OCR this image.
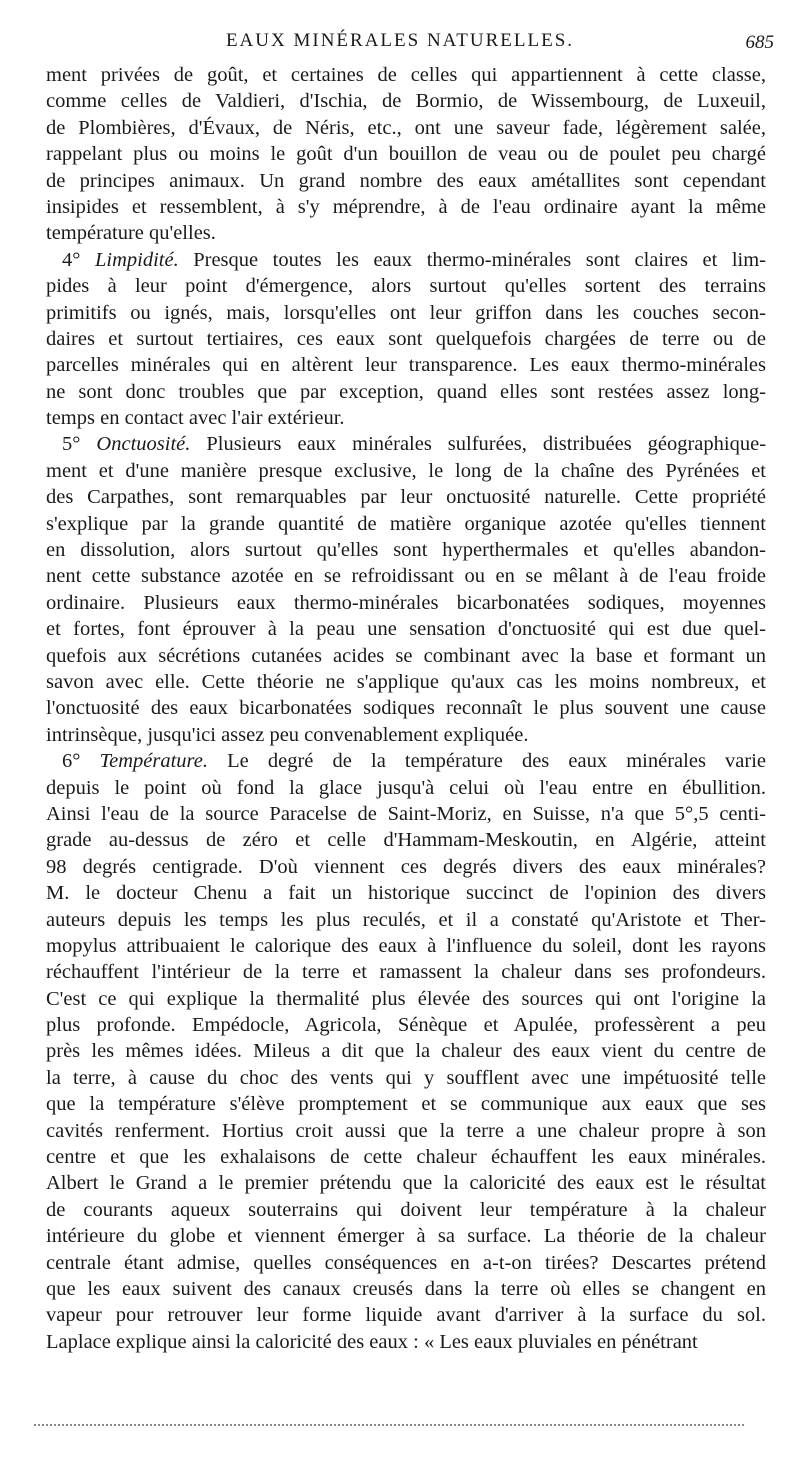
EAUX MINÉRALES NATURELLES.	685
ment privées de goût, et certaines de celles qui appartiennent à cette classe,
comme celles de Valdieri, d'Ischia, de Bormio, de Wissembourg, de Luxeuil,
de Plombières, d'Évaux, de Néris, etc., ont une saveur fade, légèrement salée,
rappelant plus ou moins le goût d'un bouillon de veau ou de poulet peu chargé
de principes animaux. Un grand nombre des eaux amétallites sont cependant
insipides et ressemblent, à s'y méprendre, à de l'eau ordinaire ayant la même
température qu'elles.
4° Limpidité. Presque toutes les eaux thermo-minérales sont claires et lim-
pides à leur point d'émergence, alors surtout qu'elles sortent des terrains
primitifs ou ignés, mais, lorsqu'elles ont leur griffon dans les couches secon-
daires et surtout tertiaires, ces eaux sont quelquefois chargées de terre ou de
parcelles minérales qui en altèrent leur transparence. Les eaux thermo-minérales
ne sont donc troubles que par exception, quand elles sont restées assez long-
temps en contact avec l'air extérieur.
5° Onctuosité. Plusieurs eaux minérales sulfurées, distribuées géographique-
ment et d'une manière presque exclusive, le long de la chaîne des Pyrénées et
des Carpathes, sont remarquables par leur onctuosité naturelle. Cette propriété
s'explique par la grande quantité de matière organique azotée qu'elles tiennent
en dissolution, alors surtout qu'elles sont hyperthermales et qu'elles abandon-
nent cette substance azotée en se refroidissant ou en se mêlant à de l'eau froide
ordinaire. Plusieurs eaux thermo-minérales bicarbonatées sodiques, moyennes
et fortes, font éprouver à la peau une sensation d'onctuosité qui est due quel-
quefois aux sécrétions cutanées acides se combinant avec la base et formant un
savon avec elle. Cette théorie ne s'applique qu'aux cas les moins nombreux, et
l'onctuosité des eaux bicarbonatées sodiques reconnaît le plus souvent une cause
intrinsèque, jusqu'ici assez peu convenablement expliquée.
6° Température. Le degré de la température des eaux minérales varie
depuis le point où fond la glace jusqu'à celui où l'eau entre en ébullition.
Ainsi l'eau de la source Paracelse de Saint-Moriz, en Suisse, n'a que 5°,5 centi-
grade au-dessus de zéro et celle d'Hammam-Meskoutin, en Algérie, atteint
98 degrés centigrade. D'où viennent ces degrés divers des eaux minérales?
M. le docteur Chenu a fait un historique succinct de l'opinion des divers
auteurs depuis les temps les plus reculés, et il a constaté qu'Aristote et Ther-
mopylus attribuaient le calorique des eaux à l'influence du soleil, dont les rayons
réchauffent l'intérieur de la terre et ramassent la chaleur dans ses profondeurs.
C'est ce qui explique la thermalité plus élevée des sources qui ont l'origine la
plus profonde. Empédocle, Agricola, Sénèque et Apulée, professèrent a peu
près les mêmes idées. Mileus a dit que la chaleur des eaux vient du centre de
la terre, à cause du choc des vents qui y soufflent avec une impétuosité telle
que la température s'élève promptement et se communique aux eaux que ses
cavités renferment. Hortius croit aussi que la terre a une chaleur propre à son
centre et que les exhalaisons de cette chaleur échauffent les eaux minérales.
Albert le Grand a le premier prétendu que la caloricité des eaux est le résultat
de courants aqueux souterrains qui doivent leur température à la chaleur
intérieure du globe et viennent émerger à sa surface. La théorie de la chaleur
centrale étant admise, quelles conséquences en a-t-on tirées? Descartes prétend
que les eaux suivent des canaux creusés dans la terre où elles se changent en
vapeur pour retrouver leur forme liquide avant d'arriver à la surface du sol.
Laplace explique ainsi la caloricité des eaux : « Les eaux pluviales en pénétrant
